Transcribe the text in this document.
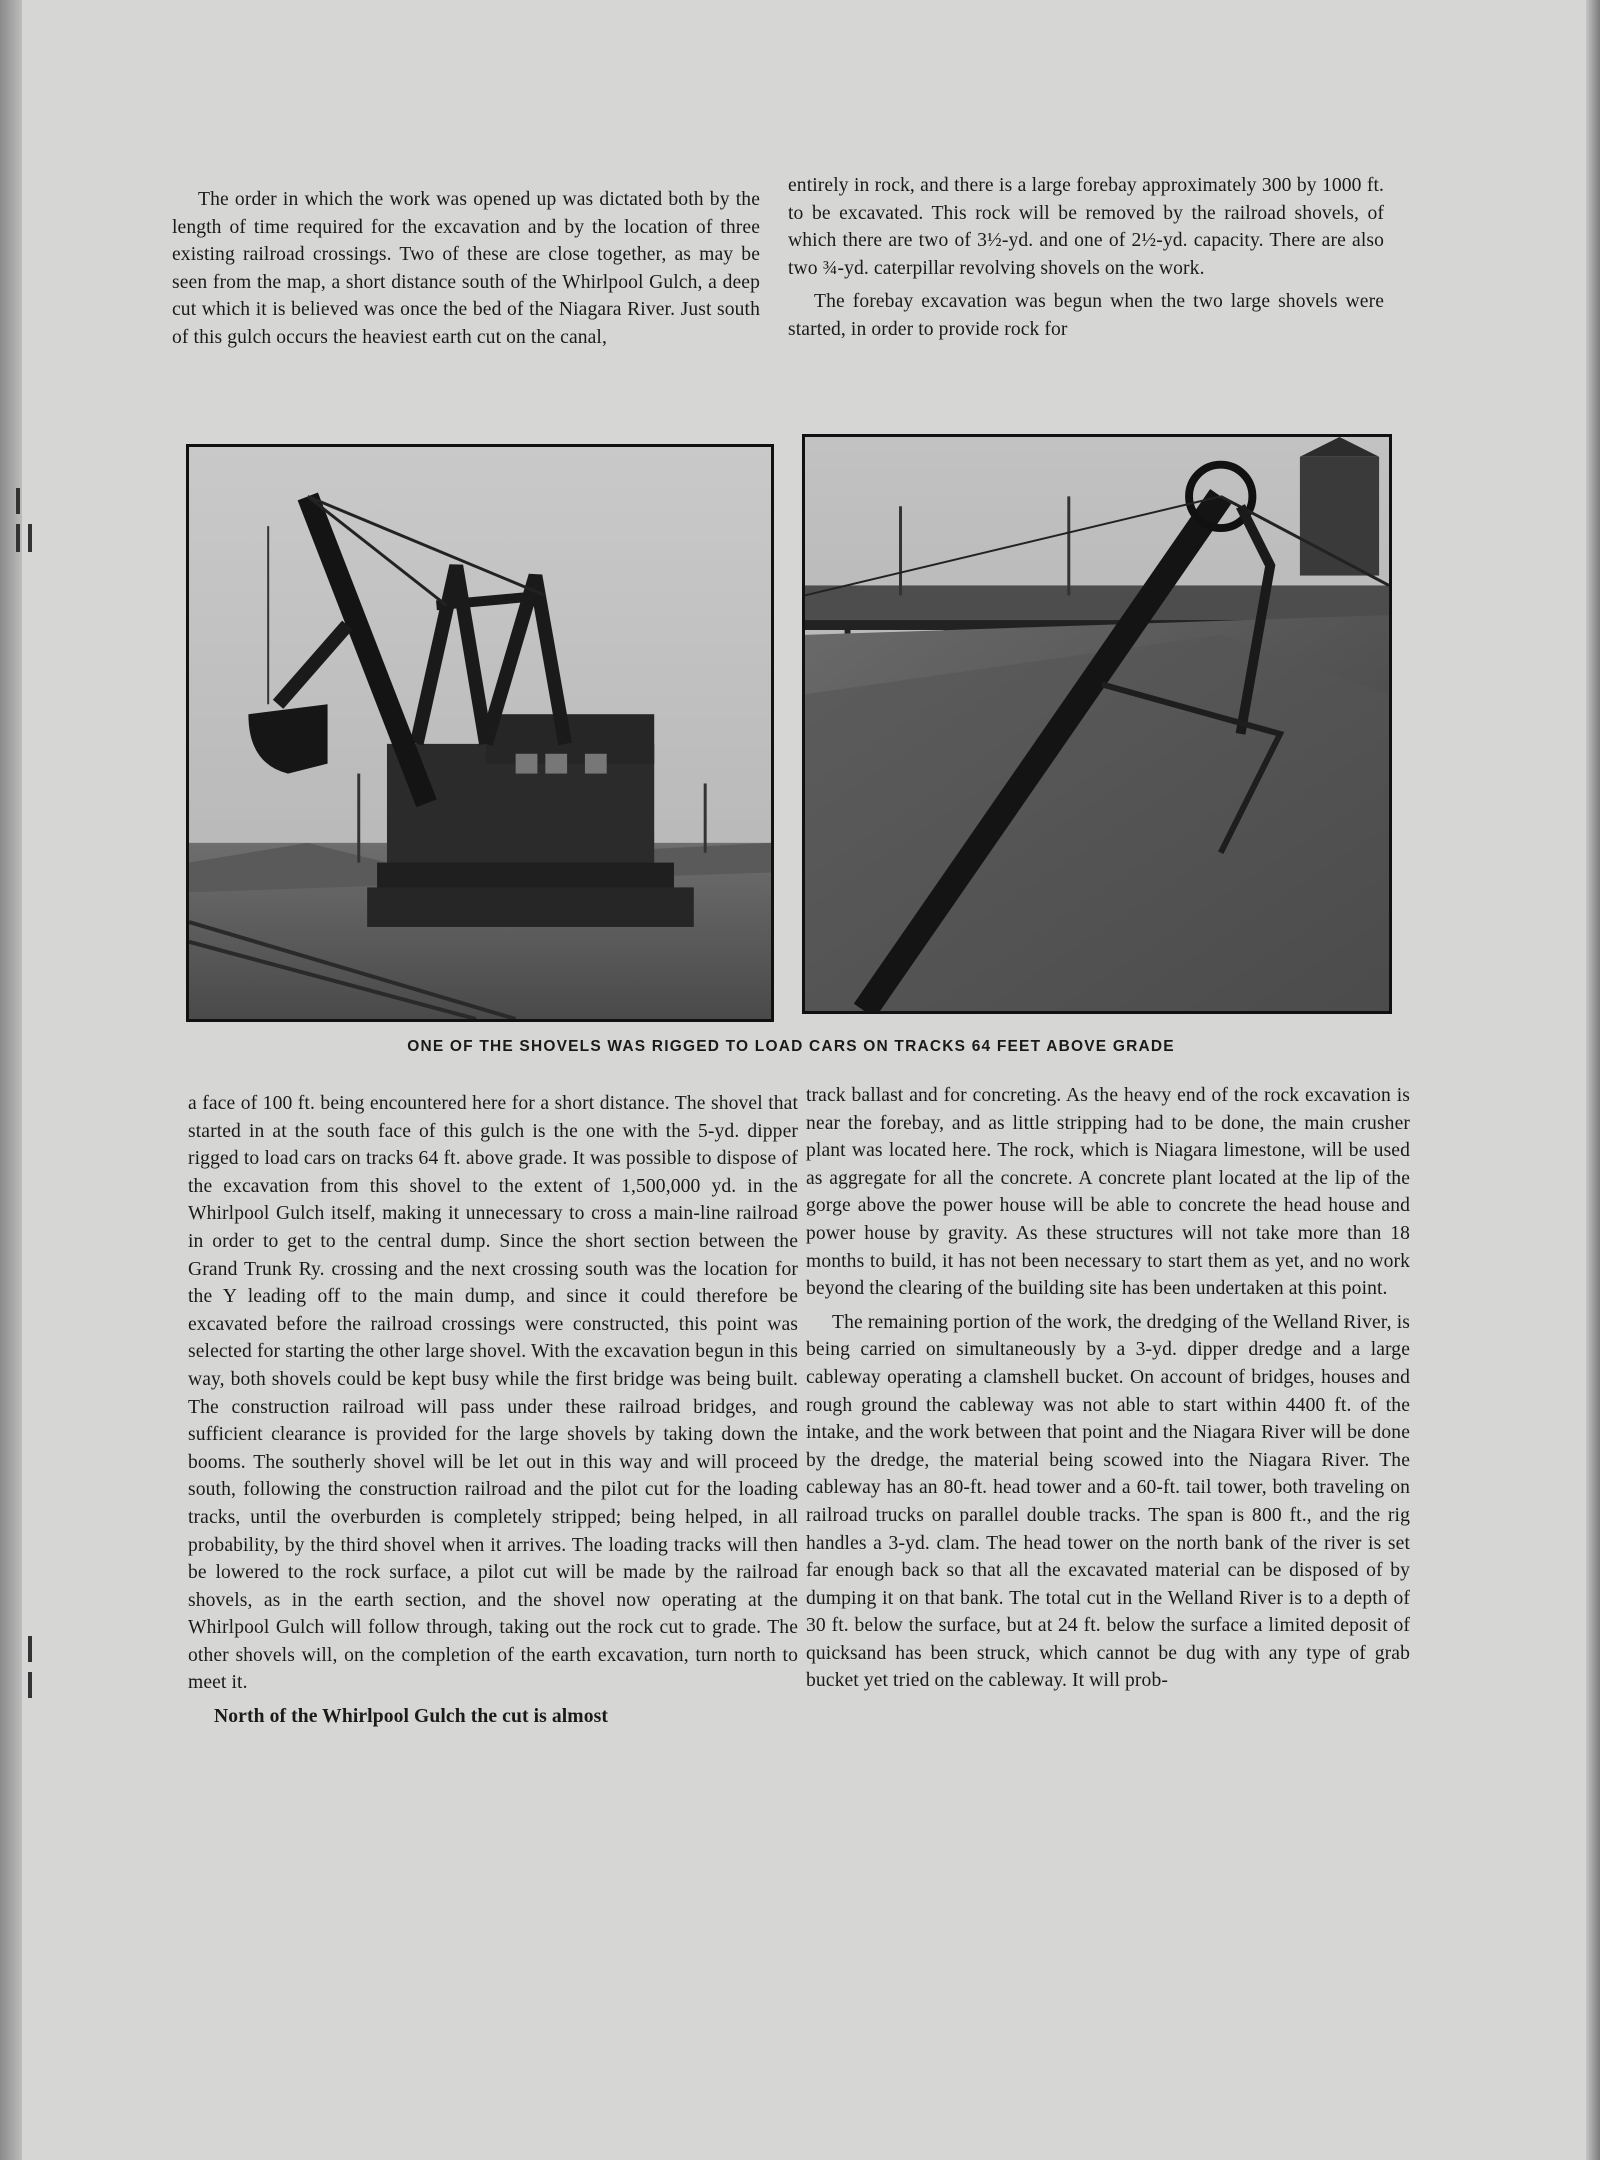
The order in which the work was opened up was dictated both by the length of time required for the excavation and by the location of three existing railroad crossings. Two of these are close together, as may be seen from the map, a short distance south of the Whirlpool Gulch, a deep cut which it is believed was once the bed of the Niagara River. Just south of this gulch occurs the heaviest earth cut on the canal,

entirely in rock, and there is a large forebay approximately 300 by 1000 ft. to be excavated. This rock will be removed by the railroad shovels, of which there are two of 3½-yd. and one of 2½-yd. capacity. There are also two ¾-yd. caterpillar revolving shovels on the work.

The forebay excavation was begun when the two large shovels were started, in order to provide rock for

ONE OF THE SHOVELS WAS RIGGED TO LOAD CARS ON TRACKS 64 FEET ABOVE GRADE

a face of 100 ft. being encountered here for a short distance. The shovel that started in at the south face of this gulch is the one with the 5-yd. dipper rigged to load cars on tracks 64 ft. above grade. It was possible to dispose of the excavation from this shovel to the extent of 1,500,000 yd. in the Whirlpool Gulch itself, making it unnecessary to cross a main-line railroad in order to get to the central dump. Since the short section between the Grand Trunk Ry. crossing and the next crossing south was the location for the Y leading off to the main dump, and since it could therefore be excavated before the railroad crossings were constructed, this point was selected for starting the other large shovel. With the excavation begun in this way, both shovels could be kept busy while the first bridge was being built. The construction railroad will pass under these railroad bridges, and sufficient clearance is provided for the large shovels by taking down the booms. The southerly shovel will be let out in this way and will proceed south, following the construction railroad and the pilot cut for the loading tracks, until the overburden is completely stripped; being helped, in all probability, by the third shovel when it arrives. The loading tracks will then be lowered to the rock surface, a pilot cut will be made by the railroad shovels, as in the earth section, and the shovel now operating at the Whirlpool Gulch will follow through, taking out the rock cut to grade. The other shovels will, on the completion of the earth excavation, turn north to meet it.

North of the Whirlpool Gulch the cut is almost

track ballast and for concreting. As the heavy end of the rock excavation is near the forebay, and as little stripping had to be done, the main crusher plant was located here. The rock, which is Niagara limestone, will be used as aggregate for all the concrete. A concrete plant located at the lip of the gorge above the power house will be able to concrete the head house and power house by gravity. As these structures will not take more than 18 months to build, it has not been necessary to start them as yet, and no work beyond the clearing of the building site has been undertaken at this point.

The remaining portion of the work, the dredging of the Welland River, is being carried on simultaneously by a 3-yd. dipper dredge and a large cableway operating a clamshell bucket. On account of bridges, houses and rough ground the cableway was not able to start within 4400 ft. of the intake, and the work between that point and the Niagara River will be done by the dredge, the material being scowed into the Niagara River. The cableway has an 80-ft. head tower and a 60-ft. tail tower, both traveling on railroad trucks on parallel double tracks. The span is 800 ft., and the rig handles a 3-yd. clam. The head tower on the north bank of the river is set far enough back so that all the excavated material can be disposed of by dumping it on that bank. The total cut in the Welland River is to a depth of 30 ft. below the surface, but at 24 ft. below the surface a limited deposit of quicksand has been struck, which cannot be dug with any type of grab bucket yet tried on the cableway. It will prob-
